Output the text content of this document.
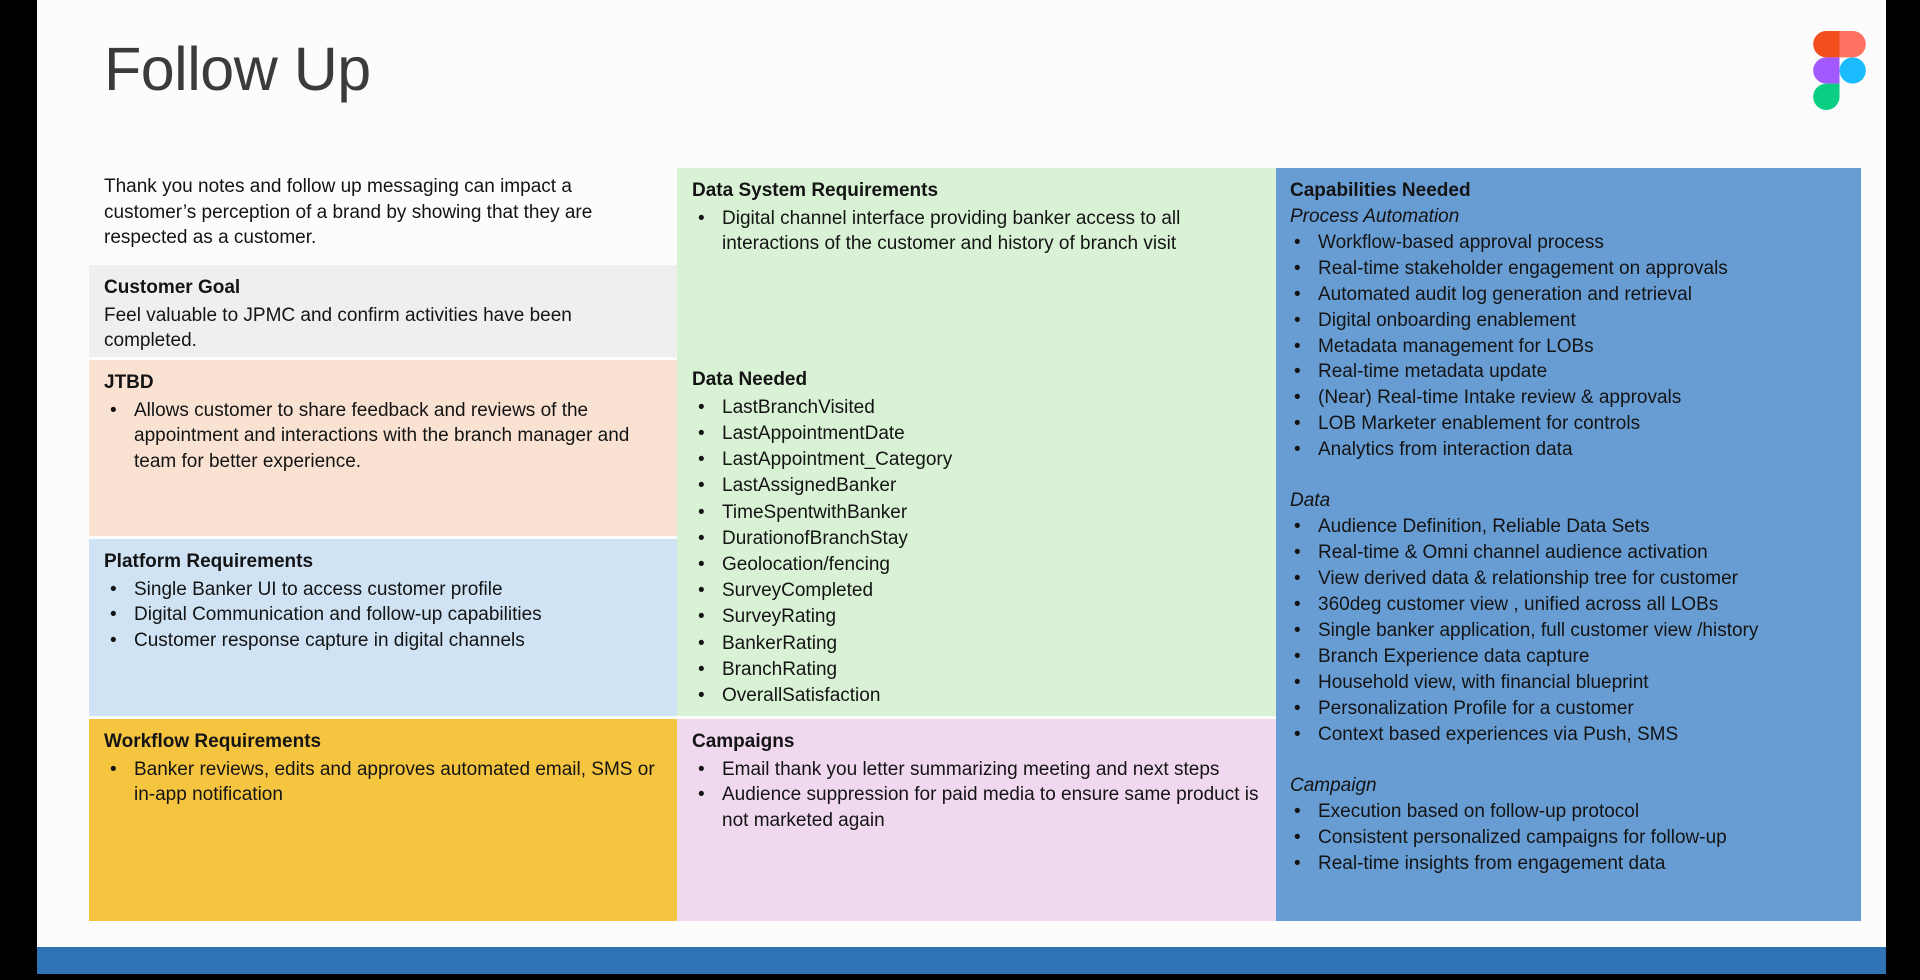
Follow Up

Thank you notes and follow up messaging can impact a customer’s perception of a brand by showing that they are respected as a customer.

Customer Goal

Feel valuable to JPMC and confirm activities have been completed.

JTBD
• Allows customer to share feedback and reviews of the appointment and interactions with the branch manager and team for better experience.
Platform Requirements
• Single Banker UI to access customer profile
• Digital Communication and follow-up capabilities
• Customer response capture in digital channels
Workflow Requirements
• Banker reviews, edits and approves automated email, SMS or in-app notification
Data System Requirements
• Digital channel interface providing banker access to all interactions of the customer and history of branch visit
Data Needed
• LastBranchVisited
• LastAppointmentDate
• LastAppointment_Category
• LastAssignedBanker
• TimeSpentwithBanker
• DurationofBranchStay
• Geolocation/fencing
• SurveyCompleted
• SurveyRating
• BankerRating
• BranchRating
• OverallSatisfaction
Campaigns
• Email thank you letter summarizing meeting and next steps
• Audience suppression for paid media to ensure same product is not marketed again
Capabilities Needed
Process Automation
• Workflow-based approval process
• Real-time stakeholder engagement on approvals
• Automated audit log generation and retrieval
• Digital onboarding enablement
• Metadata management for LOBs
• Real-time metadata update
• (Near) Real-time Intake review & approvals
• LOB Marketer enablement for controls
• Analytics from interaction data
Data
• Audience Definition, Reliable Data Sets
• Real-time & Omni channel audience activation
• View derived data & relationship tree for customer
• 360deg customer view , unified across all LOBs
• Single banker application, full customer view /history
• Branch Experience data capture
• Household view, with financial blueprint
• Personalization Profile for a customer
• Context based experiences via Push, SMS
Campaign
• Execution based on follow-up protocol
• Consistent personalized campaigns for follow-up
• Real-time insights from engagement data
